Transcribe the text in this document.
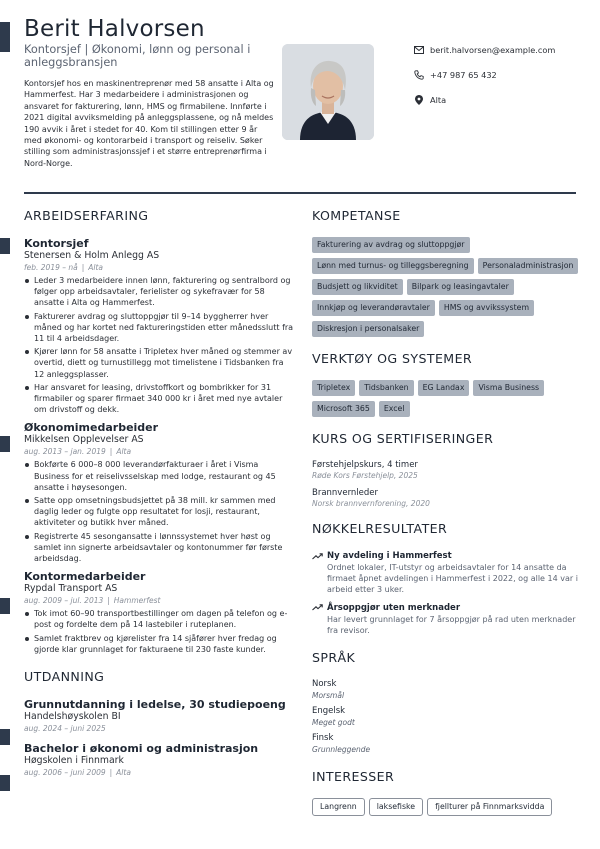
Berit Halvorsen
Kontorsjef | Økonomi, lønn og personal i anleggsbransjen

Kontorsjef hos en maskinentreprenør med 58 ansatte i Alta og Hammerfest. Har 3 medarbeidere i administrasjonen og ansvaret for fakturering, lønn, HMS og firmabilene. Innførte i 2021 digital avviksmelding på anleggsplassene, og nå meldes 190 avvik i året i stedet for 40. Kom til stillingen etter 9 år med økonomi- og kontorarbeid i transport og reiseliv. Søker stilling som administrasjonssjef i et større entreprenørfirma i Nord-Norge.

berit.halvorsen@example.com
+47 987 65 432
Alta
ARBEIDSERFARING
Kontorsjef
Stenersen & Holm Anlegg AS
feb. 2019 – nå | Alta
Leder 3 medarbeidere innen lønn, fakturering og sentralbord og følger opp arbeidsavtaler, ferielister og sykefravær for 58 ansatte i Alta og Hammerfest.
Fakturerer avdrag og sluttoppgjør til 9–14 byggherrer hver måned og har kortet ned faktureringstiden etter månedsslutt fra 11 til 4 arbeidsdager.
Kjører lønn for 58 ansatte i Tripletex hver måned og stemmer av overtid, diett og turnustillegg mot timelistene i Tidsbanken fra 12 anleggsplasser.
Har ansvaret for leasing, drivstoffkort og bombrikker for 31 firmabiler og sparer firmaet 340 000 kr i året med nye avtaler om drivstoff og dekk.
Økonomimedarbeider
Mikkelsen Opplevelser AS
aug. 2013 – jan. 2019 | Alta
Bokførte 6 000–8 000 leverandørfakturaer i året i Visma Business for et reiselivsselskap med lodge, restaurant og 45 ansatte i høysesongen.
Satte opp omsetningsbudsjettet på 38 mill. kr sammen med daglig leder og fulgte opp resultatet for losji, restaurant, aktiviteter og butikk hver måned.
Registrerte 45 sesongansatte i lønnssystemet hver høst og samlet inn signerte arbeidsavtaler og kontonummer før første arbeidsdag.
Kontormedarbeider
Rypdal Transport AS
aug. 2009 – jul. 2013 | Hammerfest
Tok imot 60–90 transportbestillinger om dagen på telefon og e-post og fordelte dem på 14 lastebiler i ruteplanen.
Samlet fraktbrev og kjørelister fra 14 sjåfører hver fredag og gjorde klar grunnlaget for fakturaene til 230 faste kunder.
UTDANNING
Grunnutdanning i ledelse, 30 studiepoeng
Handelshøyskolen BI
aug. 2024 – juni 2025
Bachelor i økonomi og administrasjon
Høgskolen i Finnmark
aug. 2006 – juni 2009 | Alta
KOMPETANSE
Fakturering av avdrag og sluttoppgjør
Lønn med turnus- og tilleggsberegning	Personaladministrasjon
Budsjett og likviditet	Bilpark og leasingavtaler
Innkjøp og leverandøravtaler	HMS og avvikssystem
Diskresjon i personalsaker
VERKTØY OG SYSTEMER
Tripletex	Tidsbanken	EG Landax	Visma Business
Microsoft 365	Excel
KURS OG SERTIFISERINGER
Førstehjelpskurs, 4 timer
Røde Kors Førstehjelp, 2025
Brannvernleder
Norsk brannvernforening, 2020
NØKKELRESULTATER
Ny avdeling i Hammerfest
Ordnet lokaler, IT-utstyr og arbeidsavtaler for 14 ansatte da firmaet åpnet avdelingen i Hammerfest i 2022, og alle 14 var i arbeid etter 3 uker.
Årsoppgjør uten merknader
Har levert grunnlaget for 7 årsoppgjør på rad uten merknader fra revisor.
SPRÅK
Norsk
Morsmål
Engelsk
Meget godt
Finsk
Grunnleggende
INTERESSER
Langrenn	laksefiske	fjellturer på Finnmarksvidda
